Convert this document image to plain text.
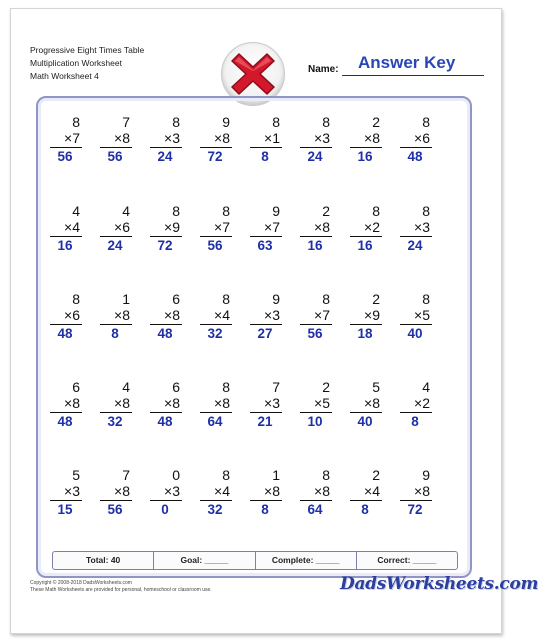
Progressive Eight Times Table
Multiplication Worksheet
Math Worksheet 4
Name: Answer Key
8
×7
56
7
×8
56
8
×3
24
9
×8
72
8
×1
8
8
×3
24
2
×8
16
8
×6
48
4
×4
16
4
×6
24
8
×9
72
8
×7
56
9
×7
63
2
×8
16
8
×2
16
8
×3
24
8
×6
48
1
×8
8
6
×8
48
8
×4
32
9
×3
27
8
×7
56
2
×9
18
8
×5
40
6
×8
48
4
×8
32
6
×8
48
8
×8
64
7
×3
21
2
×5
10
5
×8
40
4
×2
8
5
×3
15
7
×8
56
0
×3
0
8
×4
32
1
×8
8
8
×8
64
2
×4
8
9
×8
72
Total: 40	Goal: _____	Complete: _____	Correct: _____
Copyright © 2008-2018 DadsWorksheets.com
These Math Worksheets are provided for personal, homeschool or classroom use.	DadsWorksheets.com
